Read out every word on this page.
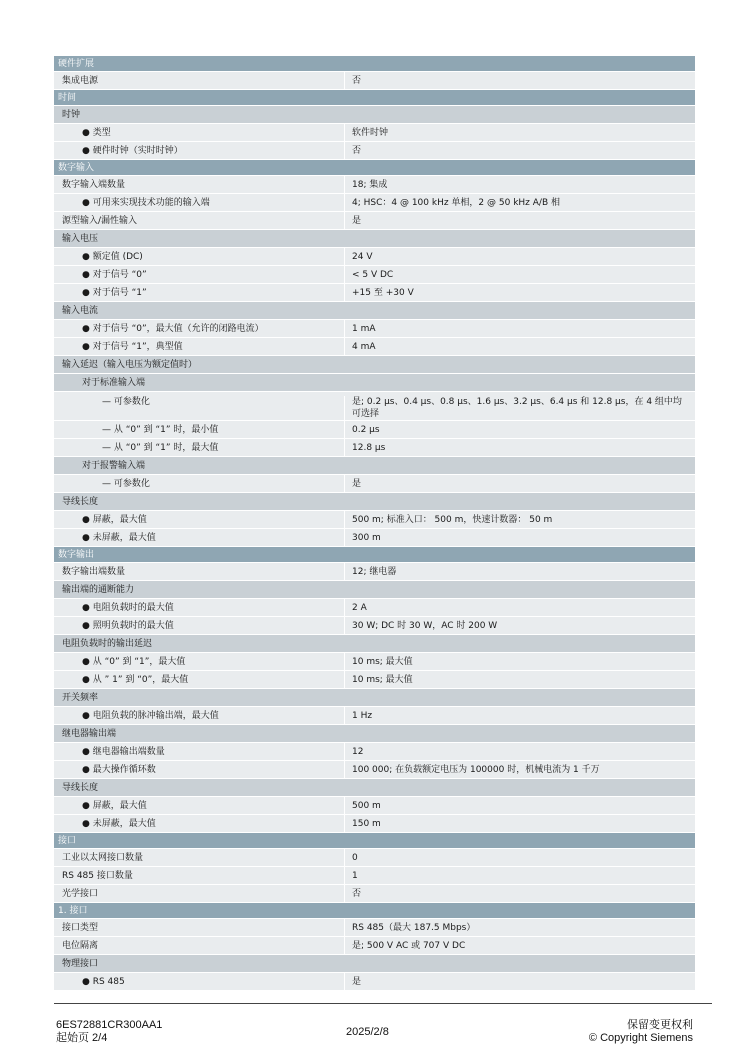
硬件扩展
集成电源	否
时间
时钟
● 类型	软件时钟
● 硬件时钟（实时时钟）	否
数字输入
数字输入端数量	18; 集成
● 可用来实现技术功能的输入端	4; HSC：4 @ 100 kHz 单相，2 @ 50 kHz A/B 相
源型输入/漏性输入	是
输入电压
● 额定值 (DC)	24 V
● 对于信号 “0”	< 5 V DC
● 对于信号 “1”	+15 至 +30 V
输入电流
● 对于信号 “0”，最大值（允许的闭路电流）	1 mA
● 对于信号 “1”，典型值	4 mA
输入延迟（输入电压为额定值时）
对于标准输入端
— 可参数化	是; 0.2 µs、0.4 µs、0.8 µs、1.6 µs、3.2 µs、6.4 µs 和 12.8 µs，在 4 组中均可选择
— 从 “0” 到 “1” 时，最小值	0.2 µs
— 从 “0” 到 “1” 时，最大值	12.8 µs
对于报警输入端
— 可参数化	是
导线长度
● 屏蔽，最大值	500 m; 标准入口： 500 m，快速计数器： 50 m
● 未屏蔽，最大值	300 m
数字输出
数字输出端数量	12; 继电器
输出端的通断能力
● 电阻负载时的最大值	2 A
● 照明负载时的最大值	30 W; DC 时 30 W，AC 时 200 W
电阻负载时的输出延迟
● 从 “0” 到 “1”，最大值	10 ms; 最大值
● 从 ” 1” 到 “0”，最大值	10 ms; 最大值
开关频率
● 电阻负载的脉冲输出端，最大值	1 Hz
继电器输出端
● 继电器输出端数量	12
● 最大操作循环数	100 000; 在负载额定电压为 100000 时，机械电流为 1 千万
导线长度
● 屏蔽，最大值	500 m
● 未屏蔽，最大值	150 m
接口
工业以太网接口数量	0
RS 485 接口数量	1
光学接口	否
1. 接口
接口类型	RS 485（最大 187.5 Mbps）
电位隔离	是; 500 V AC 或 707 V DC
物理接口
● RS 485	是
6ES72881CR300AA1
起始页 2/4	2025/2/8
保留变更权利
© Copyright Siemens
